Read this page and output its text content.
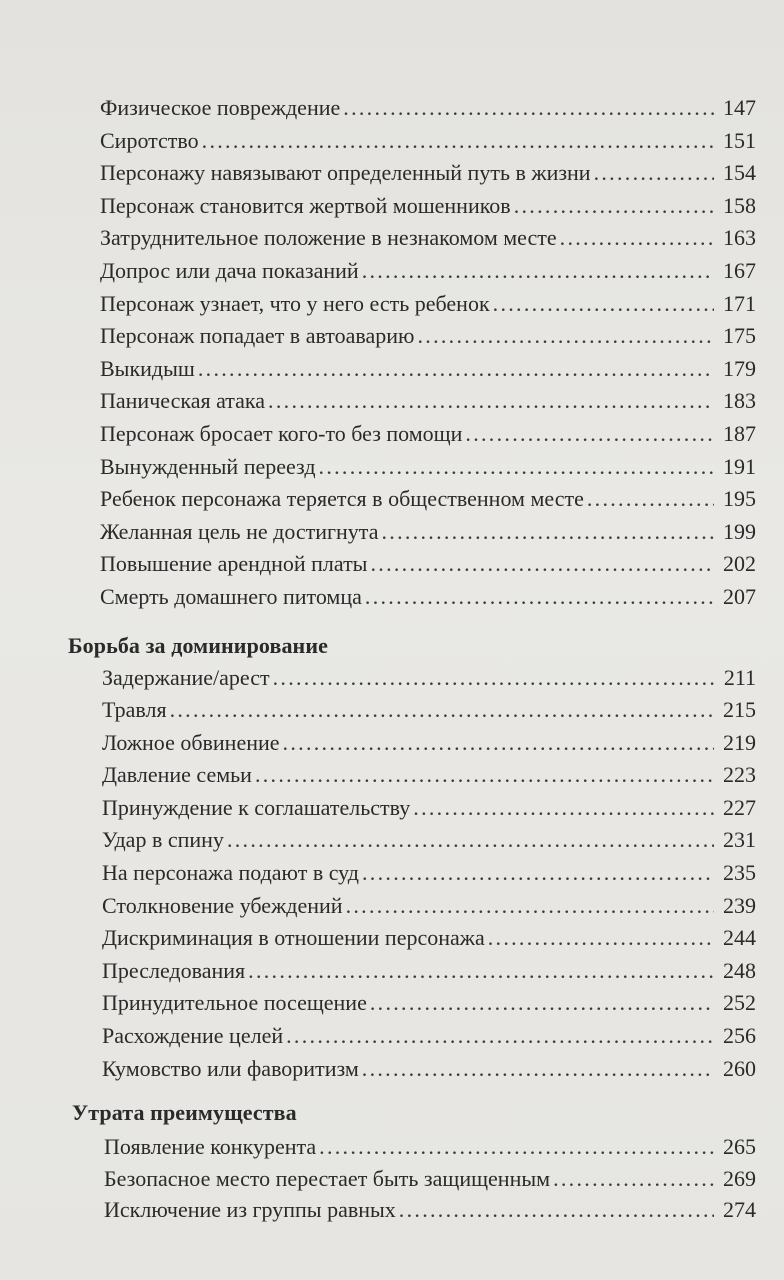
Физическое повреждение . . .	147
Сиротство . . .	151
Персонажу навязывают определенный путь в жизни . . .	154
Персонаж становится жертвой мошенников . . .	158
Затруднительное положение в незнакомом месте . . .	163
Допрос или дача показаний . . .	167
Персонаж узнает, что у него есть ребенок . . .	171
Персонаж попадает в автоаварию . . .	175
Выкидыш . . .	179
Паническая атака . . .	183
Персонаж бросает кого-то без помощи . . .	187
Вынужденный переезд . . .	191
Ребенок персонажа теряется в общественном месте . . .	195
Желанная цель не достигнута . . .	199
Повышение арендной платы . . .	202
Смерть домашнего питомца . . .	207
Борьба за доминирование
Задержание/арест . . .	211
Травля . . .	215
Ложное обвинение . . .	219
Давление семьи . . .	223
Принуждение к соглашательству . . .	227
Удар в спину . . .	231
На персонажа подают в суд . . .	235
Столкновение убеждений . . .	239
Дискриминация в отношении персонажа . . .	244
Преследования . . .	248
Принудительное посещение . . .	252
Расхождение целей . . .	256
Кумовство или фаворитизм . . .	260
Утрата преимущества
Появление конкурента . . .	265
Безопасное место перестает быть защищенным . . .	269
Исключение из группы равных . . .	274
